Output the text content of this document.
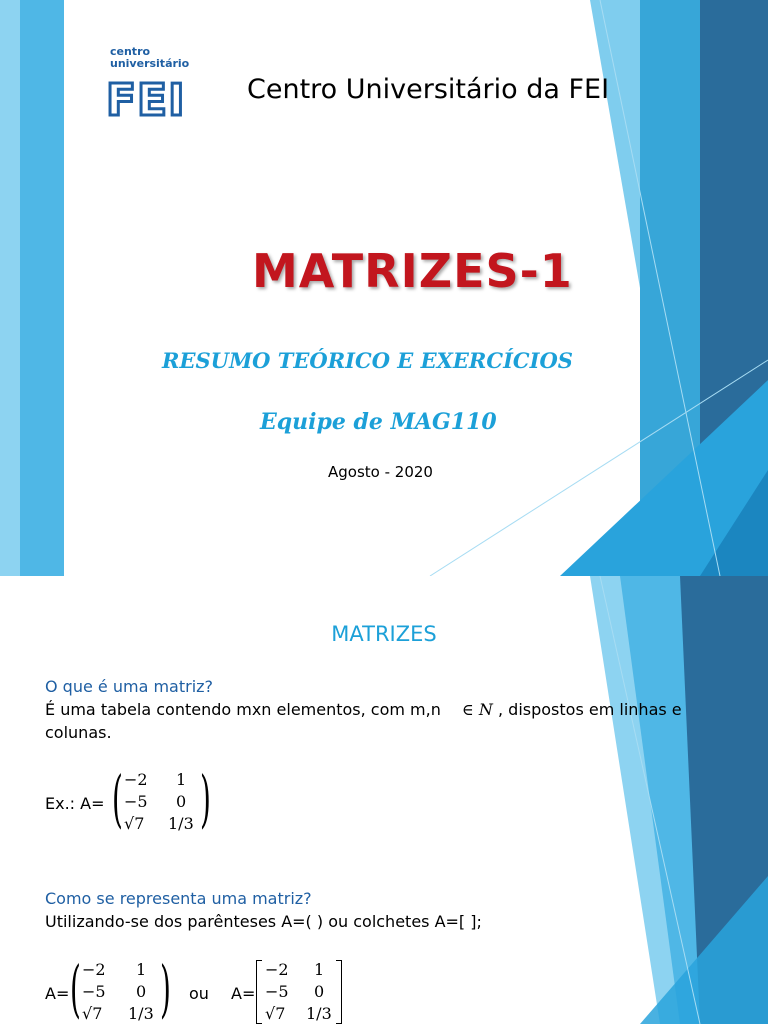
centro
universitário
FEI Centro Universitário da FEI
MATRIZES-1
RESUMO TEÓRICO E EXERCÍCIOS
Equipe de MAG110
Agosto - 2020
MATRIZES
O que é uma matriz?
É uma tabela contendo mxn elementos, com m,n ∈ N , dispostos em linhas e
colunas.
Ex.: A= ( )
−2 1
−5 0
√7 1/3
Como se representa uma matriz?
Utilizando-se dos parênteses A=( ) ou colchetes A=[ ];
A= ( )
−2 1
−5 0
√7 1/3
ou A=
−2 1
−5 0
√7 1/3
